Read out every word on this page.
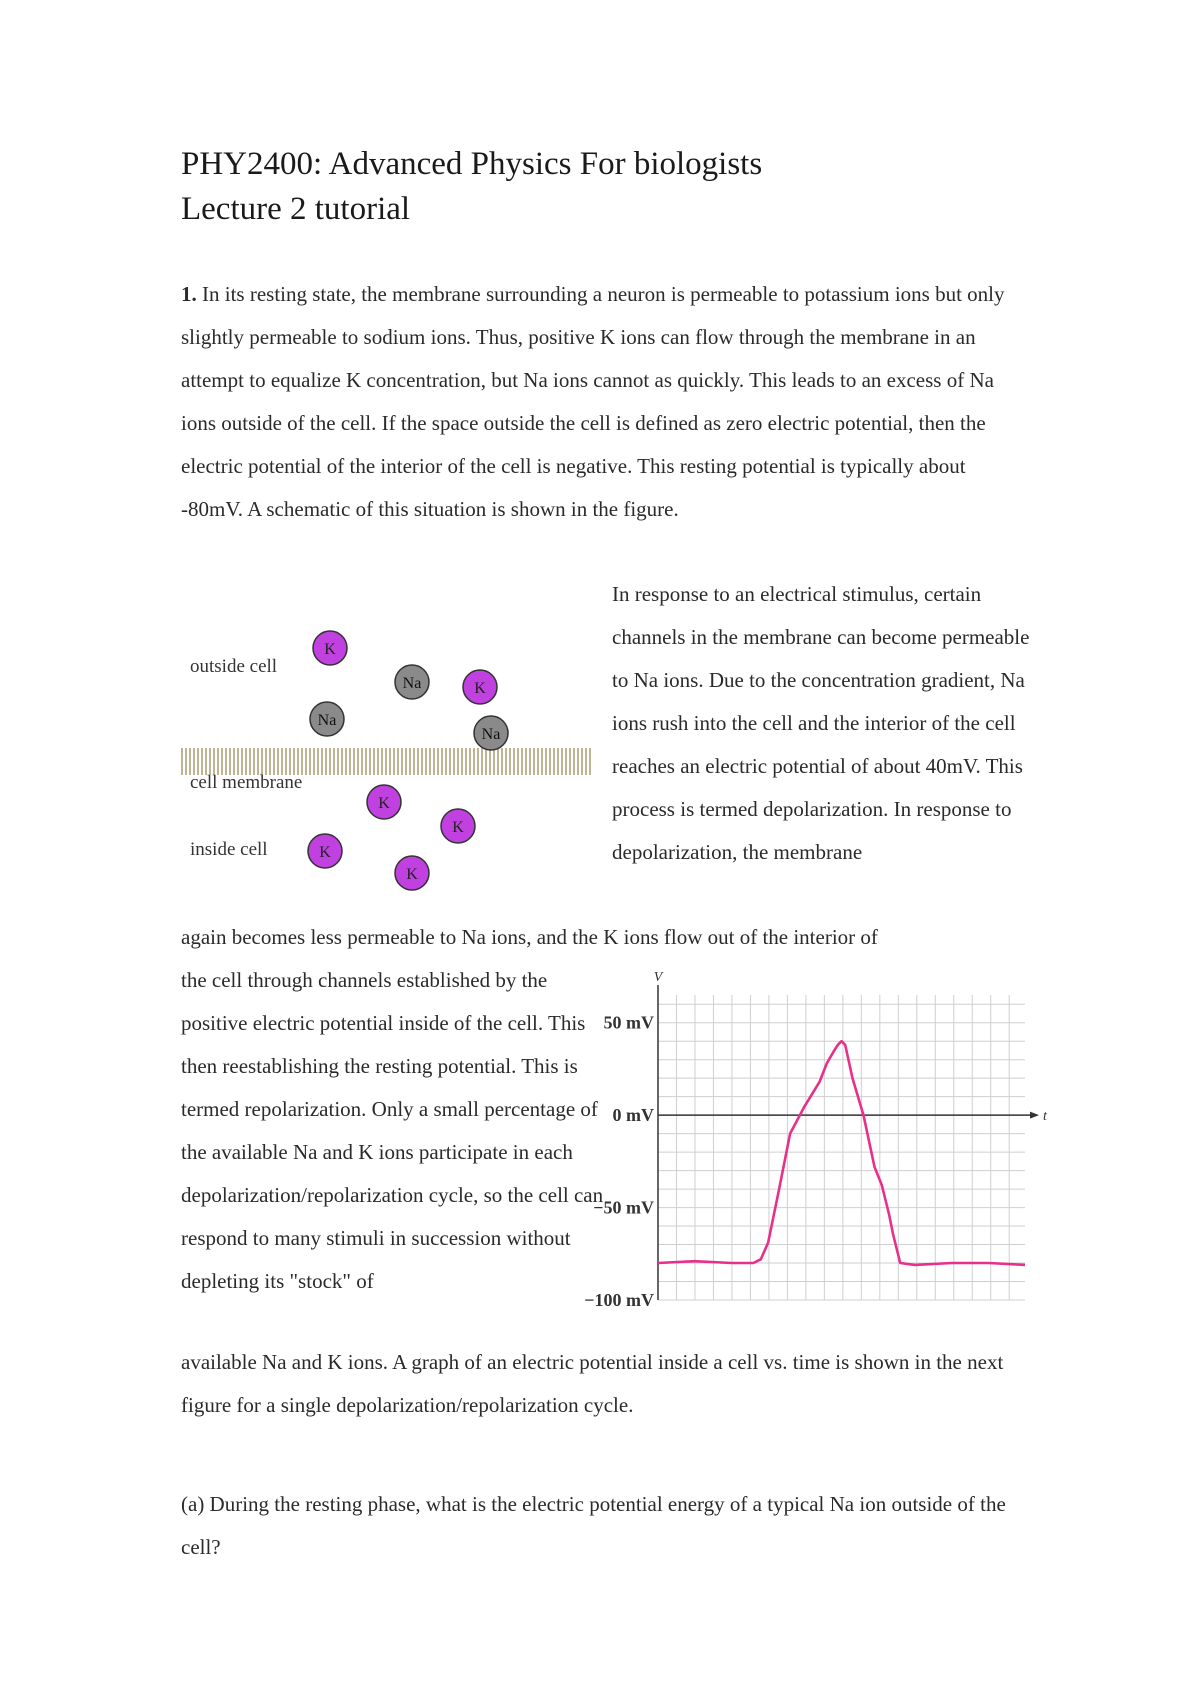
PHY2400: Advanced Physics For biologists
Lecture 2 tutorial
1. In its resting state, the membrane surrounding a neuron is permeable to potassium ions but only slightly permeable to sodium ions. Thus, positive K ions can flow through the membrane in an attempt to equalize K concentration, but Na ions cannot as quickly. This leads to an excess of Na ions outside of the cell. If the space outside the cell is defined as zero electric potential, then the electric potential of the interior of the cell is negative. This resting potential is typically about -80mV. A schematic of this situation is shown in the figure.
outside cell
cell membrane
inside cell
K
Na	K
Na
Na
K
K
K
K
In response to an electrical stimulus, certain channels in the membrane can become permeable to Na ions. Due to the concentration gradient, Na ions rush into the cell and the interior of the cell reaches an electric potential of about 40mV. This process is termed depolarization. In response to depolarization, the membrane
again becomes less permeable to Na ions, and the K ions flow out of the interior of
the cell through channels established by the positive electric potential inside of the cell. This then reestablishing the resting potential. This is termed repolarization. Only a small percentage of the available Na and K ions participate in each depolarization/repolarization cycle, so the cell can respond to many stimuli in succession without depleting its "stock" of
V
t
50 mV
0 mV
−50 mV
−100 mV
available Na and K ions. A graph of an electric potential inside a cell vs. time is shown in the next figure for a single depolarization/repolarization cycle.
(a) During the resting phase, what is the electric potential energy of a typical Na ion outside of the cell?
